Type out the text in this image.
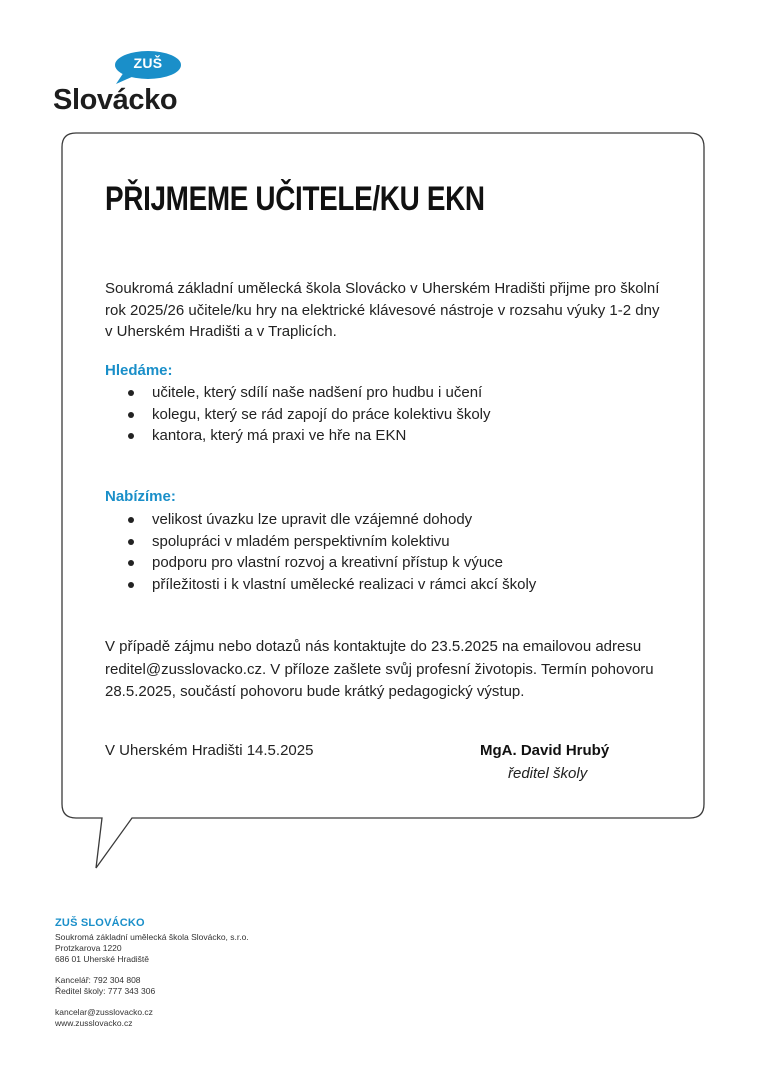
ZUŠ
Slovácko
PŘIJMEME UČITELE/KU EKN
Soukromá základní umělecká škola Slovácko v Uherském Hradišti přijme pro školní rok 2025/26 učitele/ku hry na elektrické klávesové nástroje v rozsahu výuky 1-2 dny v Uherském Hradišti a v Traplicích.
Hledáme:
učitele, který sdílí naše nadšení pro hudbu i učení
kolegu, který se rád zapojí do práce kolektivu školy
kantora, který má praxi ve hře na EKN
Nabízíme:
velikost úvazku lze upravit dle vzájemné dohody
spolupráci v mladém perspektivním kolektivu
podporu pro vlastní rozvoj a kreativní přístup k výuce
příležitosti i k vlastní umělecké realizaci v rámci akcí školy
V případě zájmu nebo dotazů nás kontaktujte do 23.5.2025 na emailovou adresu reditel@zusslovacko.cz. V příloze zašlete svůj profesní životopis. Termín pohovoru 28.5.2025, součástí pohovoru bude krátký pedagogický výstup.
V Uherském Hradišti 14.5.2025	MgA. David Hrubý
ředitel školy
ZUŠ SLOVÁCKO
Soukromá základní umělecká škola Slovácko, s.r.o.
Protzkarova 1220
686 01 Uherské Hradiště
Kancelář: 792 304 808
Ředitel školy: 777 343 306
kancelar@zusslovacko.cz
www.zusslovacko.cz
